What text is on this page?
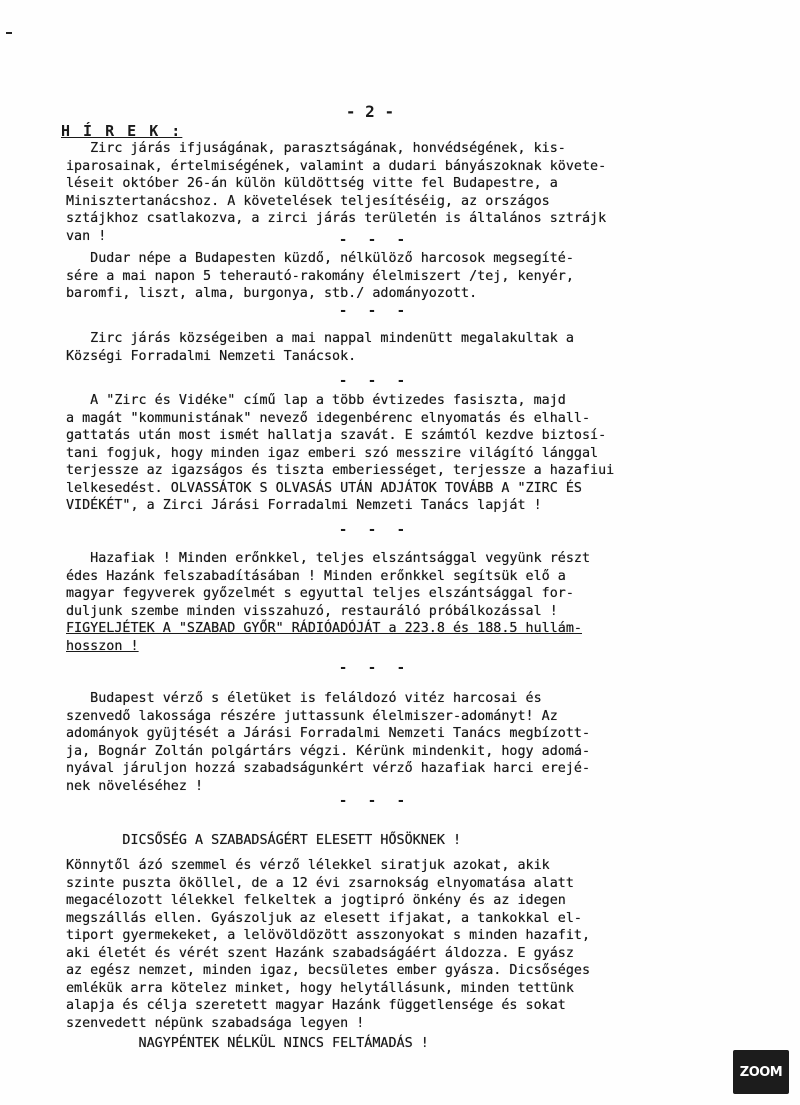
- 2 -
H Í R E K :
Zirc járás ifjuságának, parasztságának, honvédségének, kis-
iparosainak, értelmiségének, valamint a dudari bányászoknak követe-
léseit október 26-án külön küldöttség vitte fel Budapestre, a
Minisztertanácshoz. A követelések teljesítéséig, az országos
sztájkhoz csatlakozva, a zirci járás területén is általános sztrájk
van !	- - -
Dudar népe a Budapesten küzdő, nélkülöző harcosok megsegíté-
sére a mai napon 5 teherautó-rakomány élelmiszert /tej, kenyér,
baromfi, liszt, alma, burgonya, stb./ adományozott.
- - -
Zirc járás községeiben a mai nappal mindenütt megalakultak a
Községi Forradalmi Nemzeti Tanácsok.
- - -
A "Zirc és Vidéke" című lap a több évtizedes fasiszta, majd
a magát "kommunistának" nevező idegenbérenc elnyomatás és elhall-
gattatás után most ismét hallatja szavát. E számtól kezdve biztosí-
tani fogjuk, hogy minden igaz emberi szó messzire világító lánggal
terjessze az igazságos és tiszta emberiességet, terjessze a hazafiui
lelkesedést. OLVASSÁTOK S OLVASÁS UTÁN ADJÁTOK TOVÁBB A "ZIRC ÉS
VIDÉKÉT", a Zirci Járási Forradalmi Nemzeti Tanács lapját !
- - -
Hazafiak ! Minden erőnkkel, teljes elszántsággal vegyünk részt
édes Hazánk felszabadításában ! Minden erőnkkel segítsük elő a
magyar fegyverek győzelmét s egyuttal teljes elszántsággal for-
duljunk szembe minden visszahuzó, restauráló próbálkozással !
FIGYELJÉTEK A "SZABAD GYŐR" RÁDIÓADÓJÁT a 223.8 és 188.5 hullám-
hosszon !
- - -
Budapest vérző s életüket is feláldozó vitéz harcosai és
szenvedő lakossága részére juttassunk élelmiszer-adományt! Az
adományok gyüjtését a Járási Forradalmi Nemzeti Tanács megbízott-
ja, Bognár Zoltán polgártárs végzi. Kérünk mindenkit, hogy adomá-
nyával járuljon hozzá szabadságunkért vérző hazafiak harci erejé-
nek növeléséhez !
- - -
DICSŐSÉG A SZABADSÁGÉRT ELESETT HŐSÖKNEK !
Könnytől ázó szemmel és vérző lélekkel siratjuk azokat, akik
szinte puszta ököllel, de a 12 évi zsarnokság elnyomatása alatt
megacélozott lélekkel felkeltek a jogtipró önkény és az idegen
megszállás ellen. Gyászoljuk az elesett ifjakat, a tankokkal el-
tiport gyermekeket, a lelövöldözött asszonyokat s minden hazafit,
aki életét és vérét szent Hazánk szabadságáért áldozza. E gyász
az egész nemzet, minden igaz, becsületes ember gyásza. Dicsőséges
emlékük arra kötelez minket, hogy helytállásunk, minden tettünk
alapja és célja szeretett magyar Hazánk függetlensége és sokat
szenvedett népünk szabadsága legyen !
NAGYPÉNTEK NÉLKÜL NINCS FELTÁMADÁS !
ZOOM
